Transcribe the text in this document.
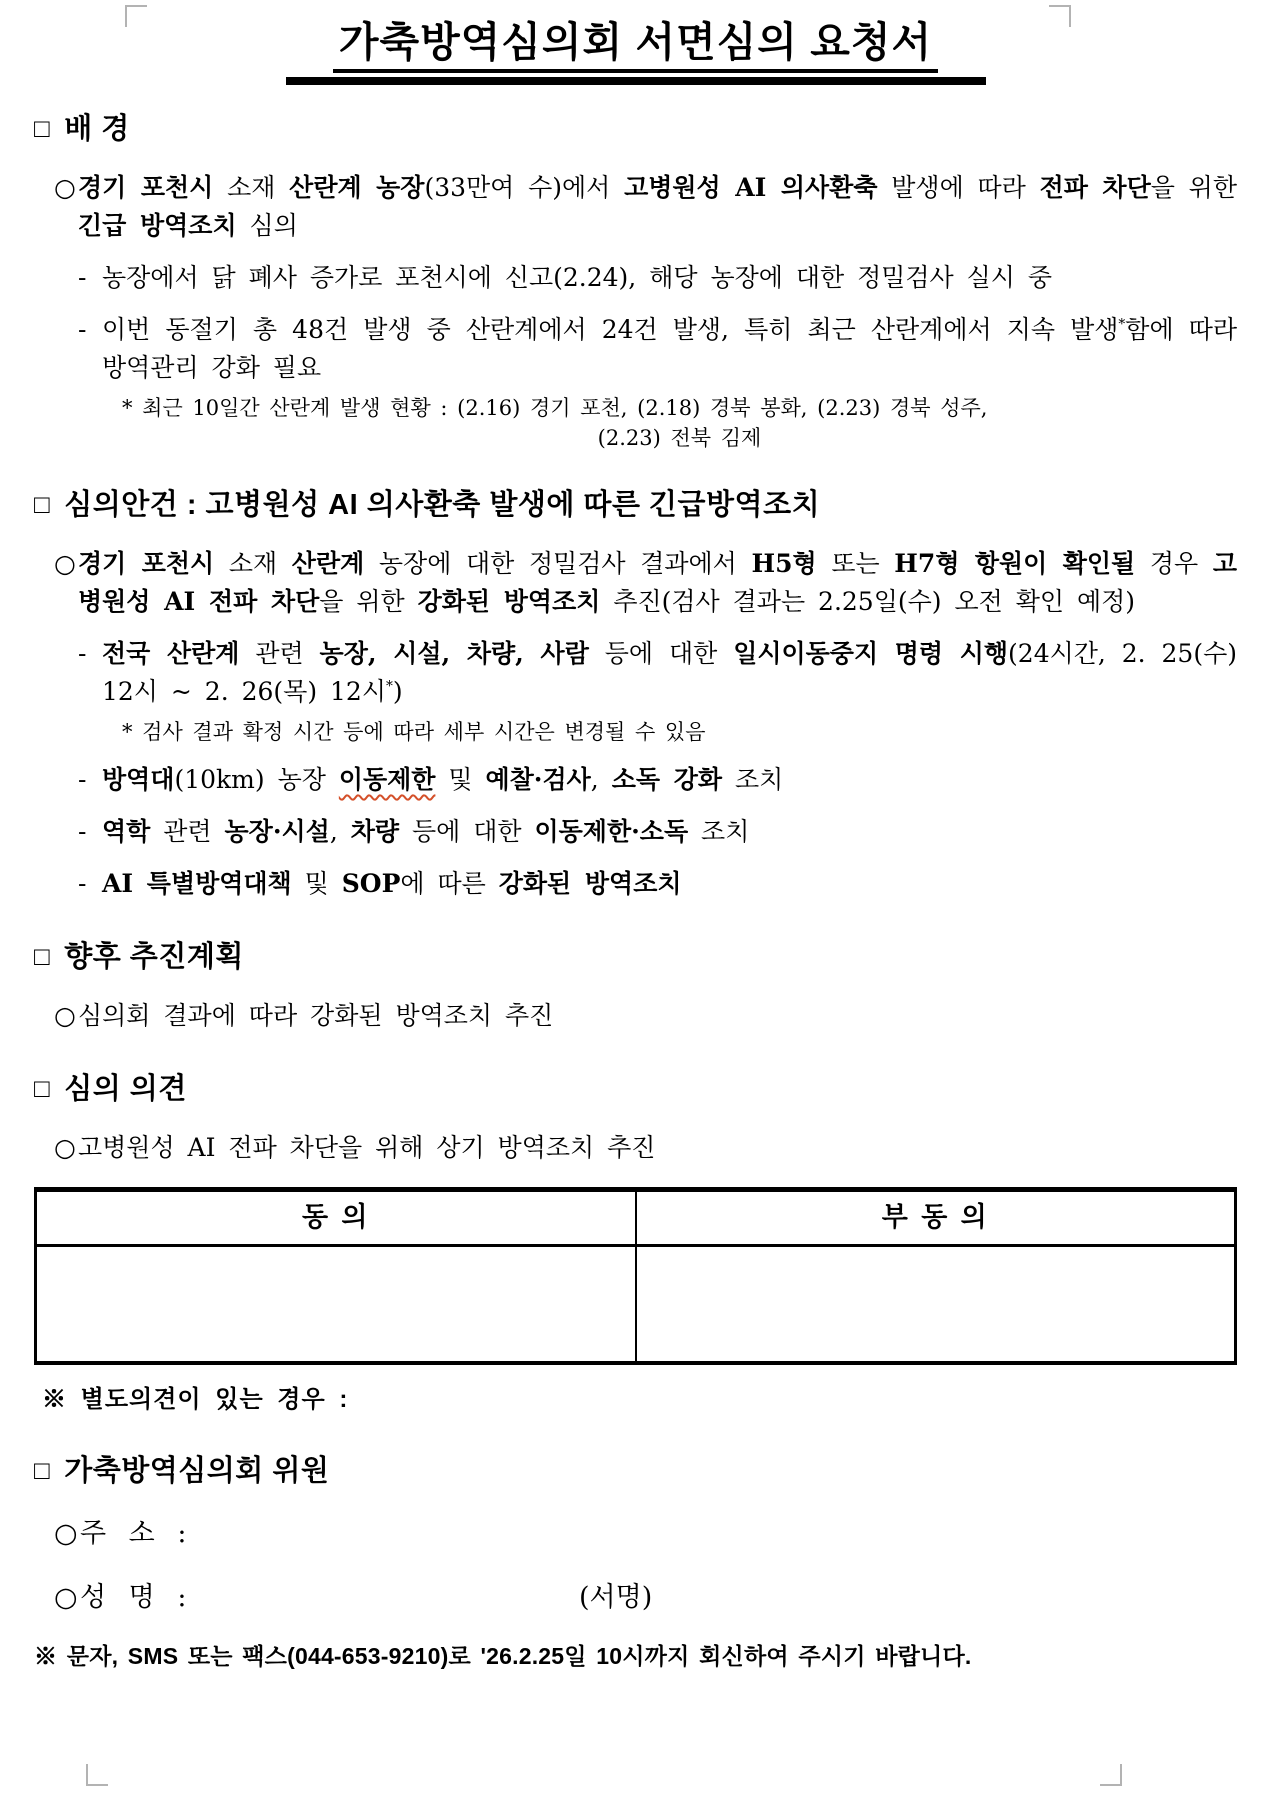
가축방역심의회 서면심의 요청서
□ 배 경
○ 경기 포천시 소재 산란계 농장(33만여 수)에서 고병원성 AI 의사환축 발생에 따라 전파 차단을 위한 긴급 방역조치 심의
- 농장에서 닭 폐사 증가로 포천시에 신고(2.24), 해당 농장에 대한 정밀검사 실시 중
- 이번 동절기 총 48건 발생 중 산란계에서 24건 발생, 특히 최근 산란계에서 지속 발생*함에 따라 방역관리 강화 필요
* 최근 10일간 산란계 발생 현황 : (2.16) 경기 포천, (2.18) 경북 봉화, (2.23) 경북 성주,
(2.23) 전북 김제
□ 심의안건 : 고병원성 AI 의사환축 발생에 따른 긴급방역조치
○ 경기 포천시 소재 산란계 농장에 대한 정밀검사 결과에서 H5형 또는 H7형 항원이 확인될 경우 고병원성 AI 전파 차단을 위한 강화된 방역조치 추진(검사 결과는 2.25일(수) 오전 확인 예정)
- 전국 산란계 관련 농장, 시설, 차량, 사람 등에 대한 일시이동중지 명령 시행(24시간, 2. 25(수) 12시 ~ 2. 26(목) 12시*)
* 검사 결과 확정 시간 등에 따라 세부 시간은 변경될 수 있음
- 방역대(10km) 농장 이동제한 및 예찰·검사, 소독 강화 조치
- 역학 관련 농장·시설, 차량 등에 대한 이동제한·소독 조치
- AI 특별방역대책 및 SOP에 따른 강화된 방역조치
□ 향후 추진계획
○ 심의회 결과에 따라 강화된 방역조치 추진
□ 심의 의견
○ 고병원성 AI 전파 차단을 위해 상기 방역조치 추진
동 의	부 동 의

※ 별도의견이 있는 경우 :
□ 가축방역심의회 위원
○ 주 소 :
○ 성 명 :	(서명)
※ 문자, SMS 또는 팩스(044-653-9210)로 '26.2.25일 10시까지 회신하여 주시기 바랍니다.
